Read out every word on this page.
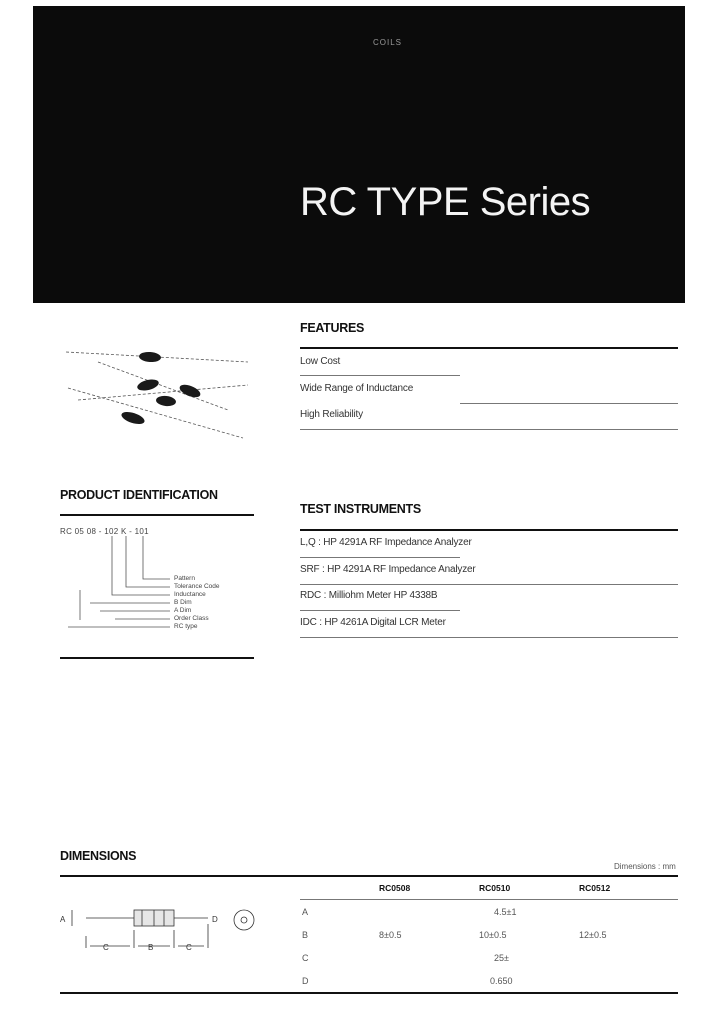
COILS
RC TYPE Series
FEATURES
Low Cost
Wide Range of Inductance
High Reliability
PRODUCT IDENTIFICATION
RC 05 08 - 102 K - 101
Pattern
Tolerance Code
Inductance
B Dim
A Dim
Order Class
RC type
TEST INSTRUMENTS
L,Q : HP 4291A RF Impedance Analyzer
SRF : HP 4291A RF Impedance Analyzer
RDC : Milliohm Meter HP 4338B
IDC : HP 4261A Digital LCR Meter
DIMENSIONS
Dimensions : mm
A
C	B	C
D
RC0508	RC0510	RC0512
A	4.5±1
B	8±0.5	10±0.5	12±0.5
C	25±
D	0.650
